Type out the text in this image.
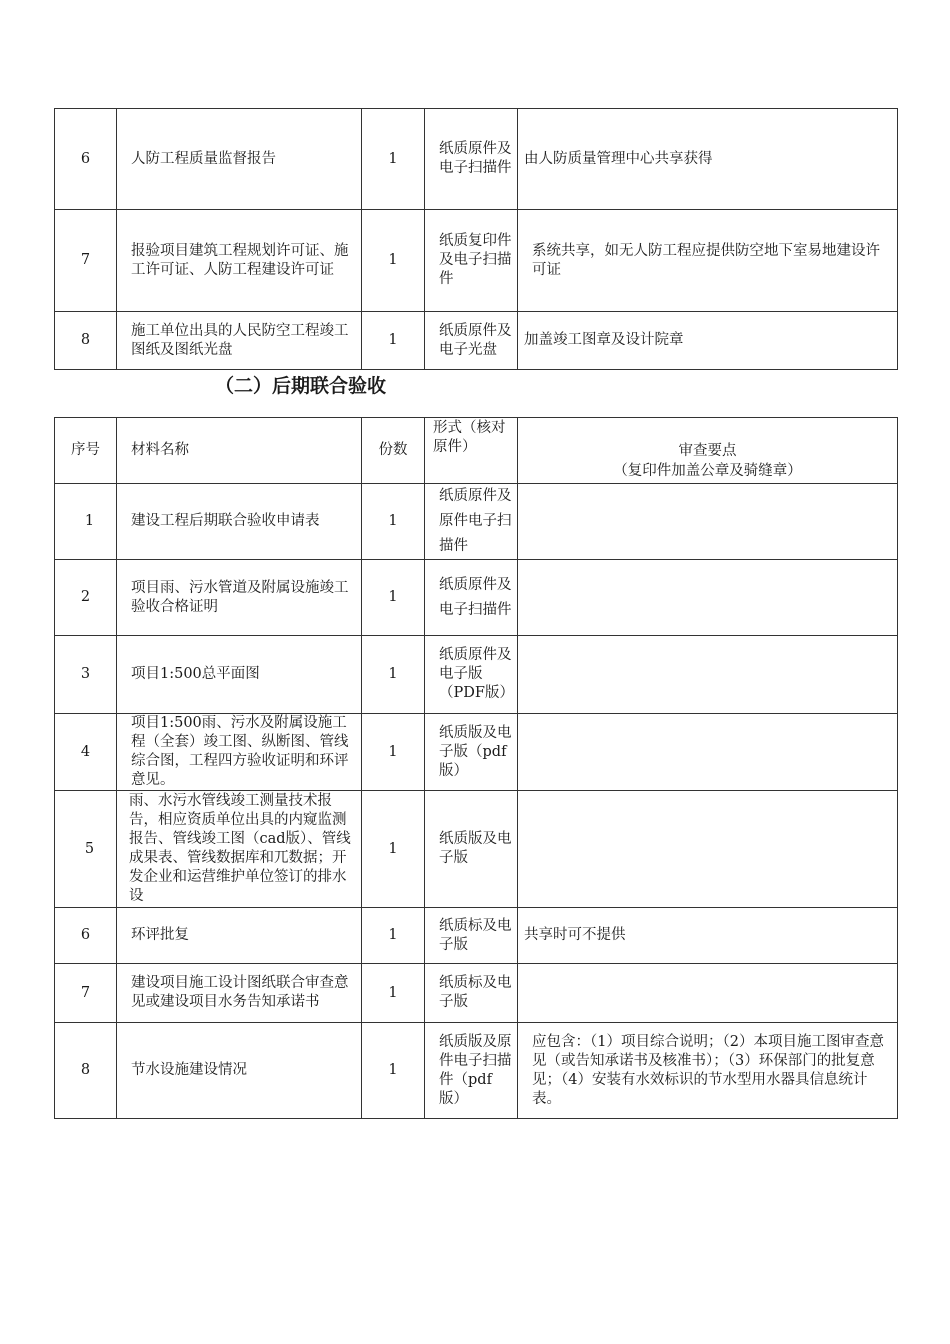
6	人防工程质量监督报告	1	纸质原件及电子扫描件	由人防质量管理中心共享获得
7	报验项目建筑工程规划许可证、施工许可证、人防工程建设许可证	1	纸质复印件及电子扫描件	系统共享，如无人防工程应提供防空地下室易地建设许可证
8	施工单位出具的人民防空工程竣工图纸及图纸光盘	1	纸质原件及电子光盘	加盖竣工图章及设计院章
（二）后期联合验收
序号	材料名称	份数	形式（核对原件）	审查要点
（复印件加盖公章及骑缝章）

1	建设工程后期联合验收申请表	1	纸质原件及原件电子扫描件	
2	项目雨、污水管道及附属设施竣工验收合格证明	1	纸质原件及电子扫描件	
3	项目1:500总平面图	1	纸质原件及电子版（PDF版）	
4	项目1:500雨、污水及附属设施工程（全套）竣工图、纵断图、管线综合图，工程四方验收证明和环评意见。	1	纸质版及电子版（pdf版）	
5	雨、水污水管线竣工测量技术报告，相应资质单位出具的内窥监测报告、管线竣工图（cad版）、管线成果表、管线数据库和兀数据；开发企业和运营维护单位签订的排水设	1	纸质版及电子版	
6	环评批复	1	纸质标及电子版	共享时可不提供
7	建设项目施工设计图纸联合审查意见或建设项目水务告知承诺书	1	纸质标及电子版	
8	节水设施建设情况	1	纸质版及原件电子扫描件（pdf版）	应包含：（1）项目综合说明；（2）本项目施工图审查意见（或告知承诺书及核准书）；（3）环保部门的批复意见；（4）安装有水效标识的节水型用水器具信息统计表。
